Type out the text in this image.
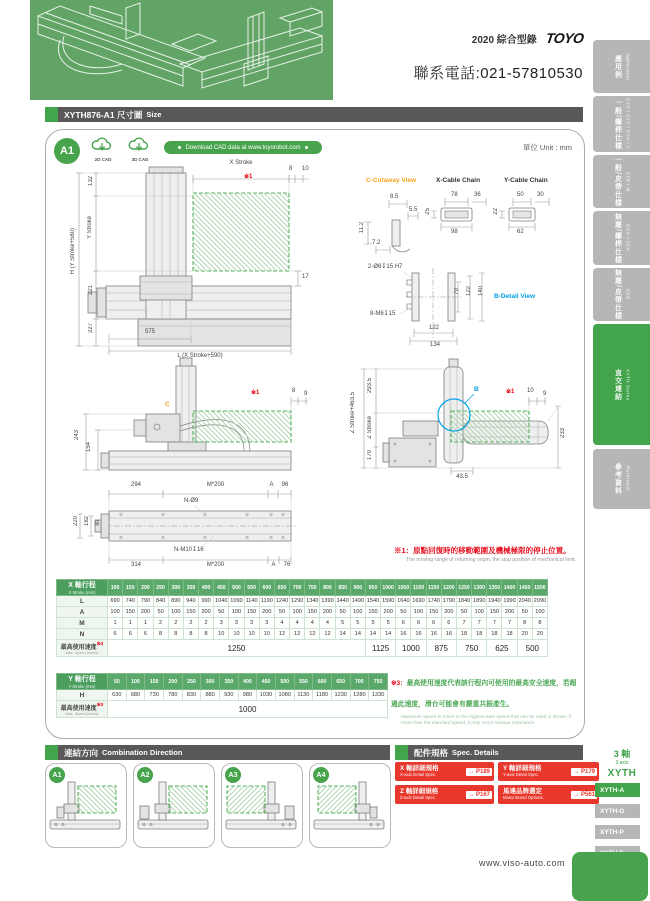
2020 綜合型錄 TOYO
聯系電話:021-57810530	應用例 Application
一般/螺桿仕樣 GTH / GTY / ETH / Y
一般/皮帶仕樣 ETB / M
無塵/螺桿仕樣 GCH / ECH
無塵/皮帶仕樣 ECB
直交連結 XYTH Series
參考資料 Reference
XYTH876-A1 尺寸圖 Size
A1
2D CAD	3D CAD
Download CAD data at www.toyorobot.com	單位 Unit : mm
X Stroke
※1
8 10
132
Y Stroke
H (Y Stroke+580)
221
227
17
575
L (X Stroke+590)
C-Cutaway View
8.5
5.5
11.2
7.2
X-Cable Chain
78	36
25
98
Y-Cable Chain
50 30
22
62
B-Detail View
2-Ø6↧15 H7
8-M6↧15
70 122 140
122
134
C
※1	8 9
243
154
293.5
Z Stroke+463.5 Z Stroke
170
B	※1 10 9
233
43.5
294	M*200	A	96
N-Ø9
220 182 80
N-M10↧16
314	M*200	A	76
※1：原點回復時的移動範圍及機械極限的停止位置。
The moving range of returning origin, the stop position of mechanical limit.
X 軸行程
X Stroke (mm)	100	150	200	250	300	350	400	450	500	550	600	650	700	750	800	850	900	950	1000	1050	1100	1150	1200	1250	1300	1350	1400	1450	1500
L	690	740	790	840	890	940	990	1040	1090	1140	1190	1240	1290	1340	1390	1440	1490	1540	1590	1640	1690	1740	1790	1840	1890	1940	1990	2040	2090
A	100	150	200	50	100	150	200	50	100	150	200	50	100	150	200	50	100	150	200	50	100	150	200	50	100	150	200	50	100
M	1	1	1	2	2	2	2	3	3	3	3	4	4	4	4	5	5	5	5	6	6	6	6	7	7	7	7	8	8
N	6	6	6	8	8	8	8	10	10	10	10	12	12	12	12	14	14	14	14	16	16	16	16	18	18	18	18	20	20

最高使用速度$^{※3}$
Max. Speed (mm/s)	1250																	1125		1000		875		750		625		500	
Y 軸行程
Y Stroke (mm)	50	100	150	200	250	300	350	400	450	500	550	600	650	700	750
H	630	680	730	780	830	880	930	980	1030	1080	1130	1180	1230	1280	1330

最高使用速度$^{※3}$
Max. Speed (mm/s)	1000														
※3：最高使用速度代表該行程內可使用的最高安全速度，若超過此速度，滑台可能會有嚴重共振產生。
Maximum speed is refers to the highest safe speed that can be used in stroke, if more than the standard speed, it may occur serious resonance.
連結方向 Combination Direction
A1	A2	A3	A4
配件規格 Spec. Details
X 軸詳細規格
X-axis Detail Spec.	→ P189	Y 軸詳細規格
Y-axis Detail Spec.	→ P179
Z 軸詳細規格
Z-axis Detail Spec.	→ P167	馬達品牌選定
Motor Brand Options.	→ P561
3 軸
3 axis
XYTH
XYTH-A
XYTH-G
XYTH-P
www.viso-auto.com
